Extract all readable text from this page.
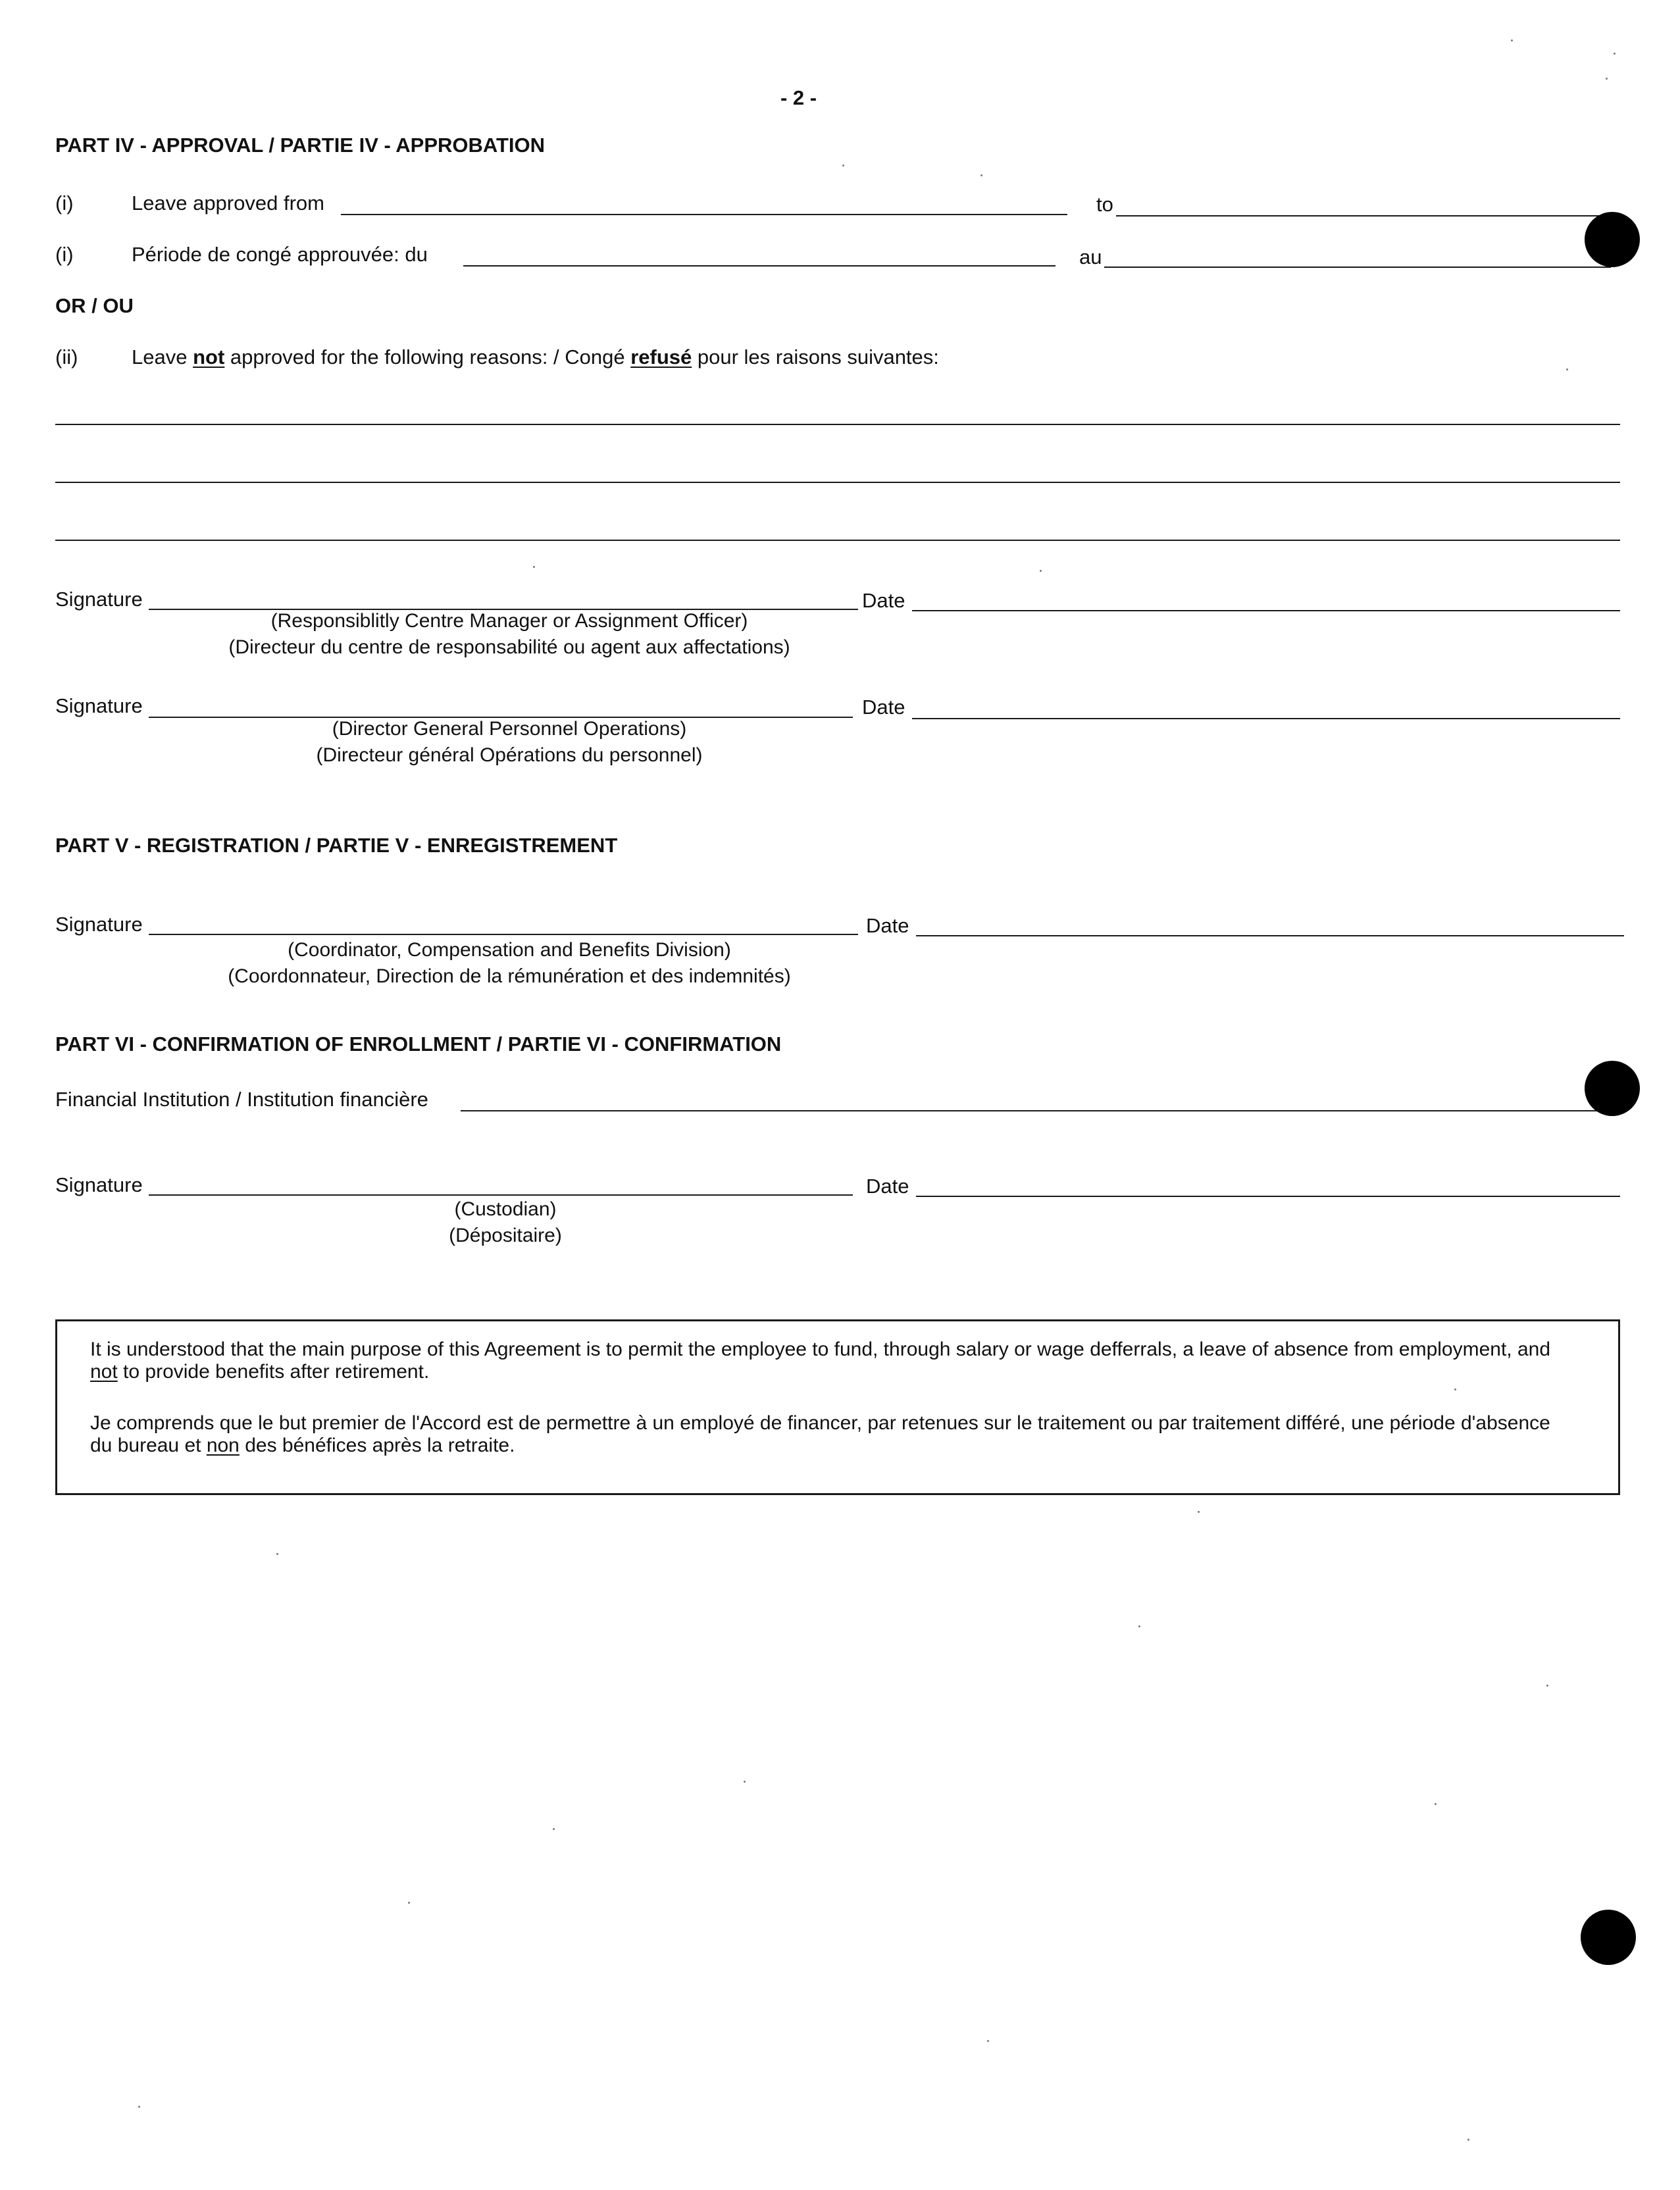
- 2 -
PART IV - APPROVAL / PARTIE IV - APPROBATION
(i)	Leave approved from	to
(i)	Période de congé approuvée: du	au
OR / OU
(ii)	Leave not approved for the following reasons: / Congé refusé pour les raisons suivantes:
Signature	Date
(Responsiblitly Centre Manager or Assignment Officer)
(Directeur du centre de responsabilité ou agent aux affectations)
Signature	Date
(Director General Personnel Operations)
(Directeur général Opérations du personnel)
PART V - REGISTRATION / PARTIE V - ENREGISTREMENT
Signature	Date
(Coordinator, Compensation and Benefits Division)
(Coordonnateur, Direction de la rémunération et des indemnités)
PART VI - CONFIRMATION OF ENROLLMENT / PARTIE VI - CONFIRMATION
Financial Institution / Institution financière
Signature	Date
(Custodian)
(Dépositaire)
It is understood that the main purpose of this Agreement is to permit the employee to fund, through salary or wage defferrals, a leave of absence from employment, and not to provide benefits after retirement.
Je comprends que le but premier de l'Accord est de permettre à un employé de financer, par retenues sur le traitement ou par traitement différé, une période d'absence du bureau et non des bénéfices après la retraite.
